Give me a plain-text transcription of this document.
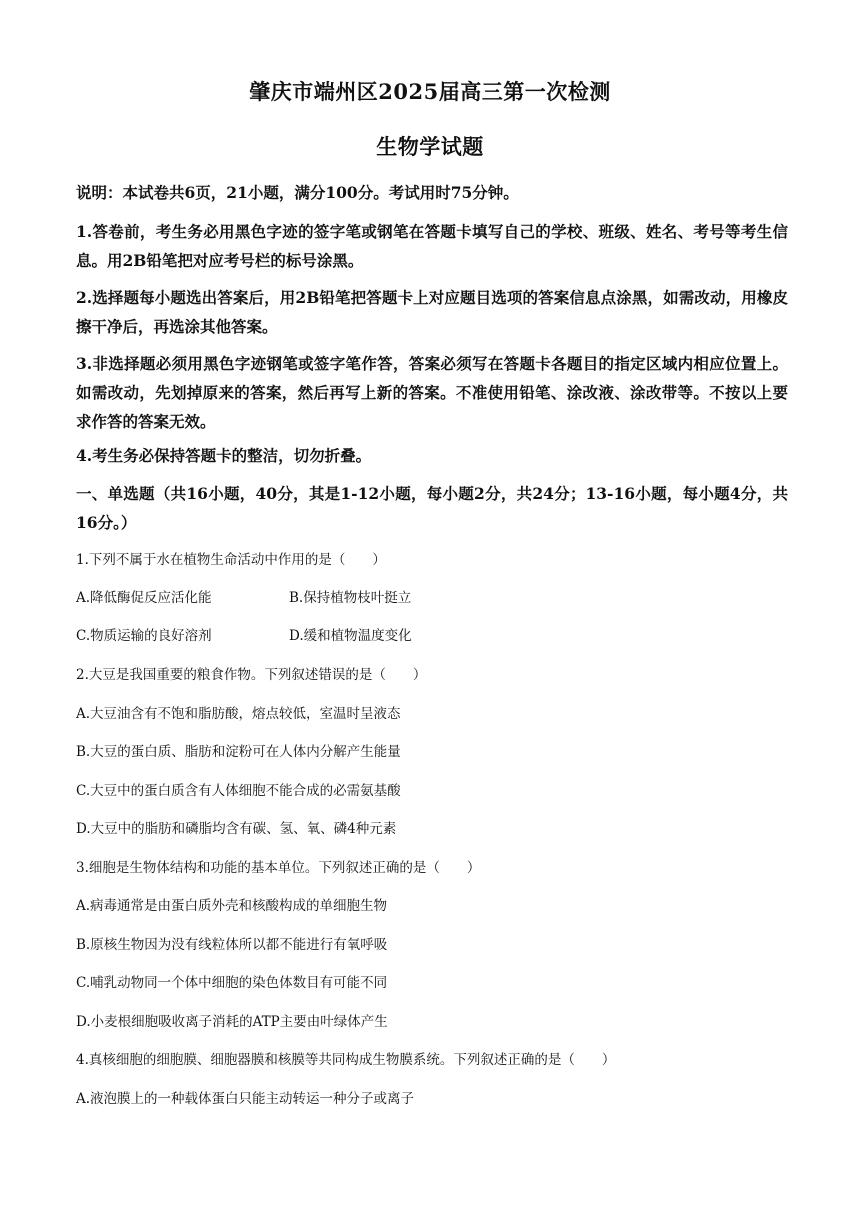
肇庆市端州区2025届高三第一次检测
生物学试题
说明：本试卷共6页，21小题，满分100分。考试用时75分钟。
1.答卷前，考生务必用黑色字迹的签字笔或钢笔在答题卡填写自己的学校、班级、姓名、考号等考生信息。用2B铅笔把对应考号栏的标号涂黑。
2.选择题每小题选出答案后，用2B铅笔把答题卡上对应题目选项的答案信息点涂黑，如需改动，用橡皮擦干净后，再选涂其他答案。
3.非选择题必须用黑色字迹钢笔或签字笔作答，答案必须写在答题卡各题目的指定区域内相应位置上。如需改动，先划掉原来的答案，然后再写上新的答案。不准使用铅笔、涂改液、涂改带等。不按以上要求作答的答案无效。
4.考生务必保持答题卡的整洁，切勿折叠。
一、单选题（共16小题，40分，其是1-12小题，每小题2分，共24分；13-16小题，每小题4分，共16分。）
1.下列不属于水在植物生命活动中作用的是（　　）
A.降低酶促反应活化能	B.保持植物枝叶挺立
C.物质运输的良好溶剂	D.缓和植物温度变化
2.大豆是我国重要的粮食作物。下列叙述错误的是（　　）
A.大豆油含有不饱和脂肪酸，熔点较低，室温时呈液态
B.大豆的蛋白质、脂肪和淀粉可在人体内分解产生能量
C.大豆中的蛋白质含有人体细胞不能合成的必需氨基酸
D.大豆中的脂肪和磷脂均含有碳、氢、氧、磷4种元素
3.细胞是生物体结构和功能的基本单位。下列叙述正确的是（　　）
A.病毒通常是由蛋白质外壳和核酸构成的单细胞生物
B.原核生物因为没有线粒体所以都不能进行有氧呼吸
C.哺乳动物同一个体中细胞的染色体数目有可能不同
D.小麦根细胞吸收离子消耗的ATP主要由叶绿体产生
4.真核细胞的细胞膜、细胞器膜和核膜等共同构成生物膜系统。下列叙述正确的是（　　）
A.液泡膜上的一种载体蛋白只能主动转运一种分子或离子
